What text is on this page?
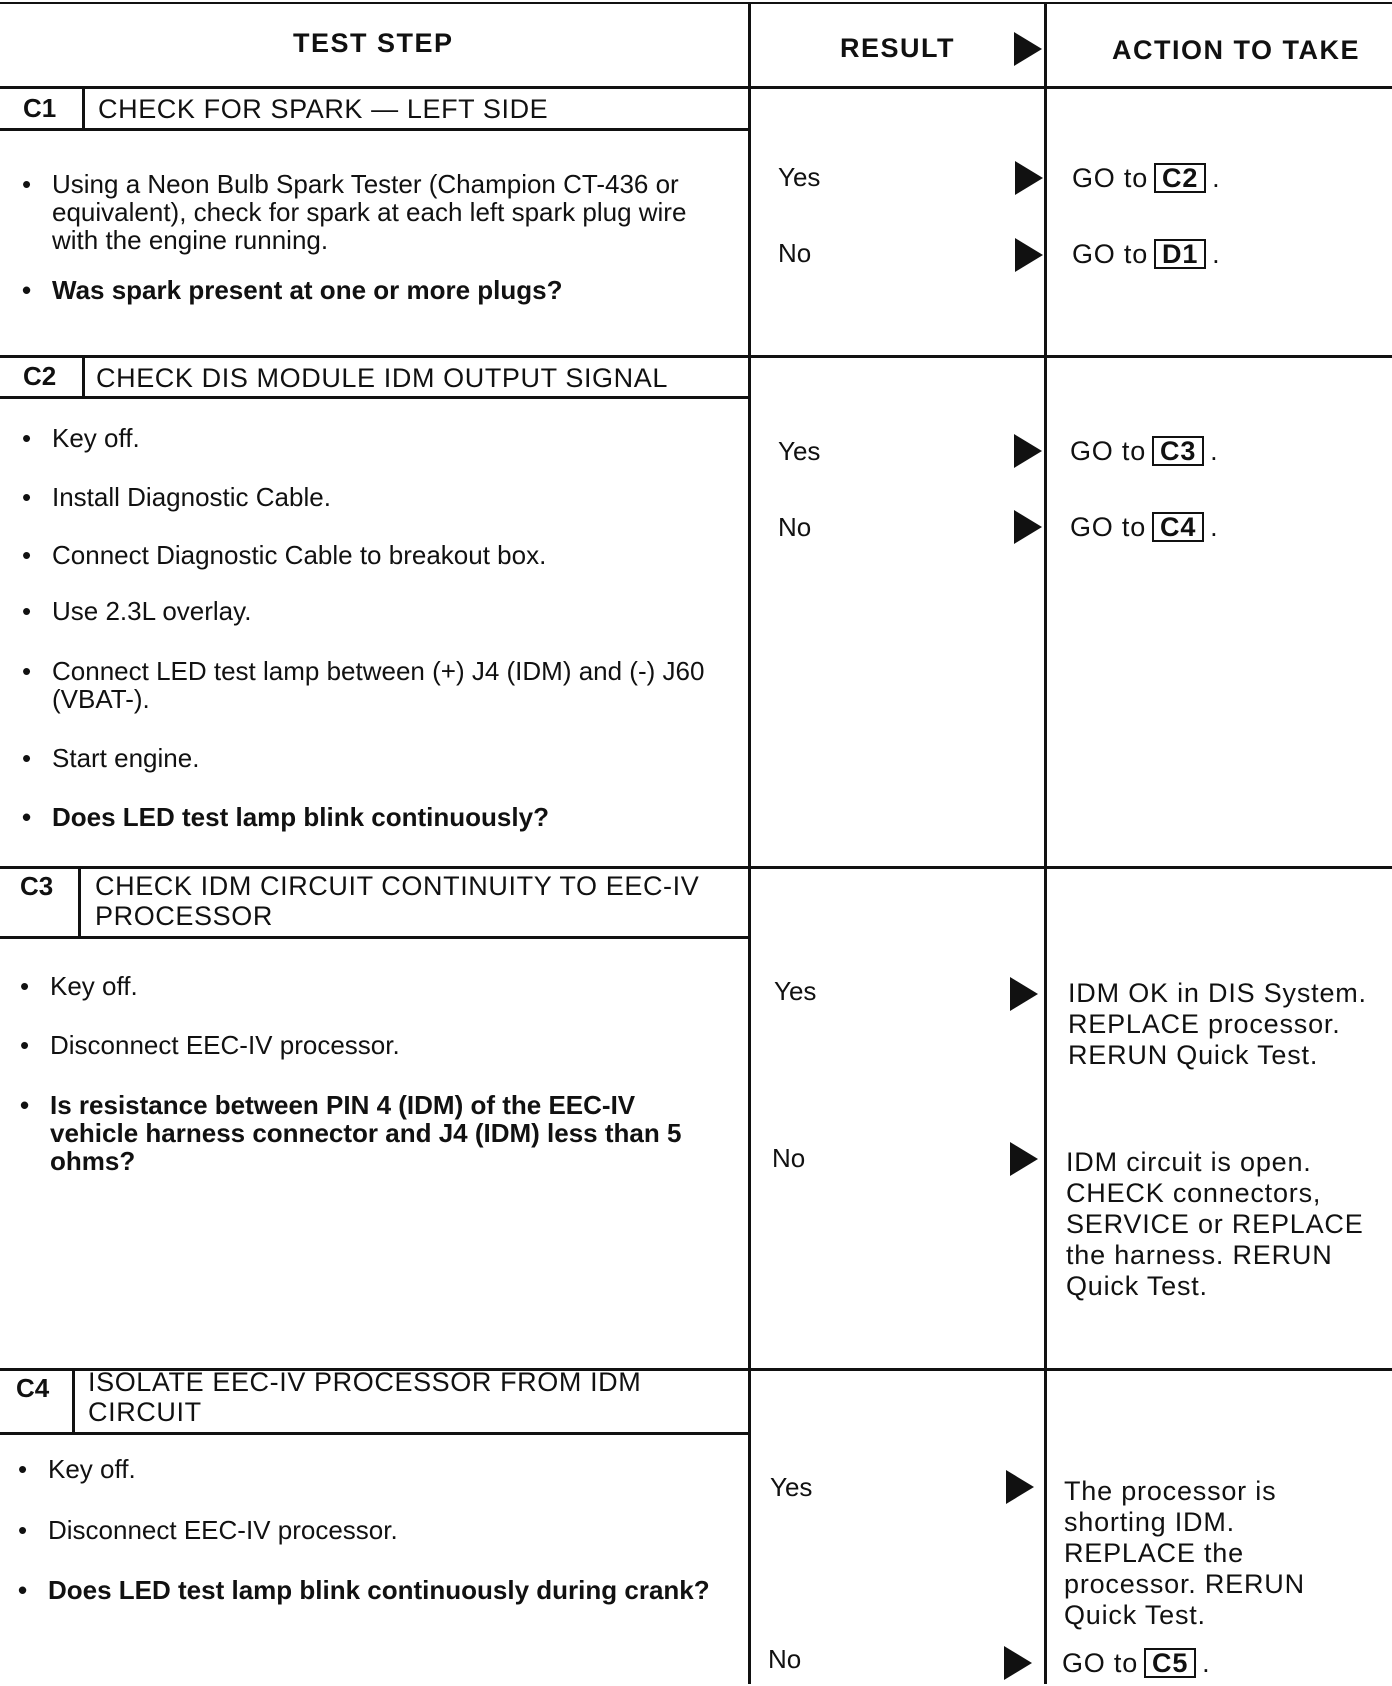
TEST STEP	RESULT	ACTION TO TAKE
C1 CHECK FOR SPARK — LEFT SIDE
• Using a Neon Bulb Spark Tester (Champion CT-436 or equivalent), check for spark at each left spark plug wire with the engine running.
• Was spark present at one or more plugs?
Yes	GO to C2 .
No	GO to D1 .
C2 CHECK DIS MODULE IDM OUTPUT SIGNAL
• Key off.
• Install Diagnostic Cable.
• Connect Diagnostic Cable to breakout box.
• Use 2.3L overlay.
• Connect LED test lamp between (+) J4 (IDM) and (-) J60 (VBAT-).
• Start engine.
• Does LED test lamp blink continuously?
Yes	GO to C3 .
No	GO to C4 .
C3 CHECK IDM CIRCUIT CONTINUITY TO EEC-IV PROCESSOR
• Key off.
• Disconnect EEC-IV processor.
• Is resistance between PIN 4 (IDM) of the EEC-IV vehicle harness connector and J4 (IDM) less than 5 ohms?
Yes	IDM OK in DIS System. REPLACE processor. RERUN Quick Test.
No	IDM circuit is open. CHECK connectors, SERVICE or REPLACE the harness. RERUN Quick Test.
C4 ISOLATE EEC-IV PROCESSOR FROM IDM CIRCUIT
• Key off.
• Disconnect EEC-IV processor.
• Does LED test lamp blink continuously during crank?
Yes	The processor is shorting IDM. REPLACE the processor. RERUN Quick Test.
No	GO to C5 .
